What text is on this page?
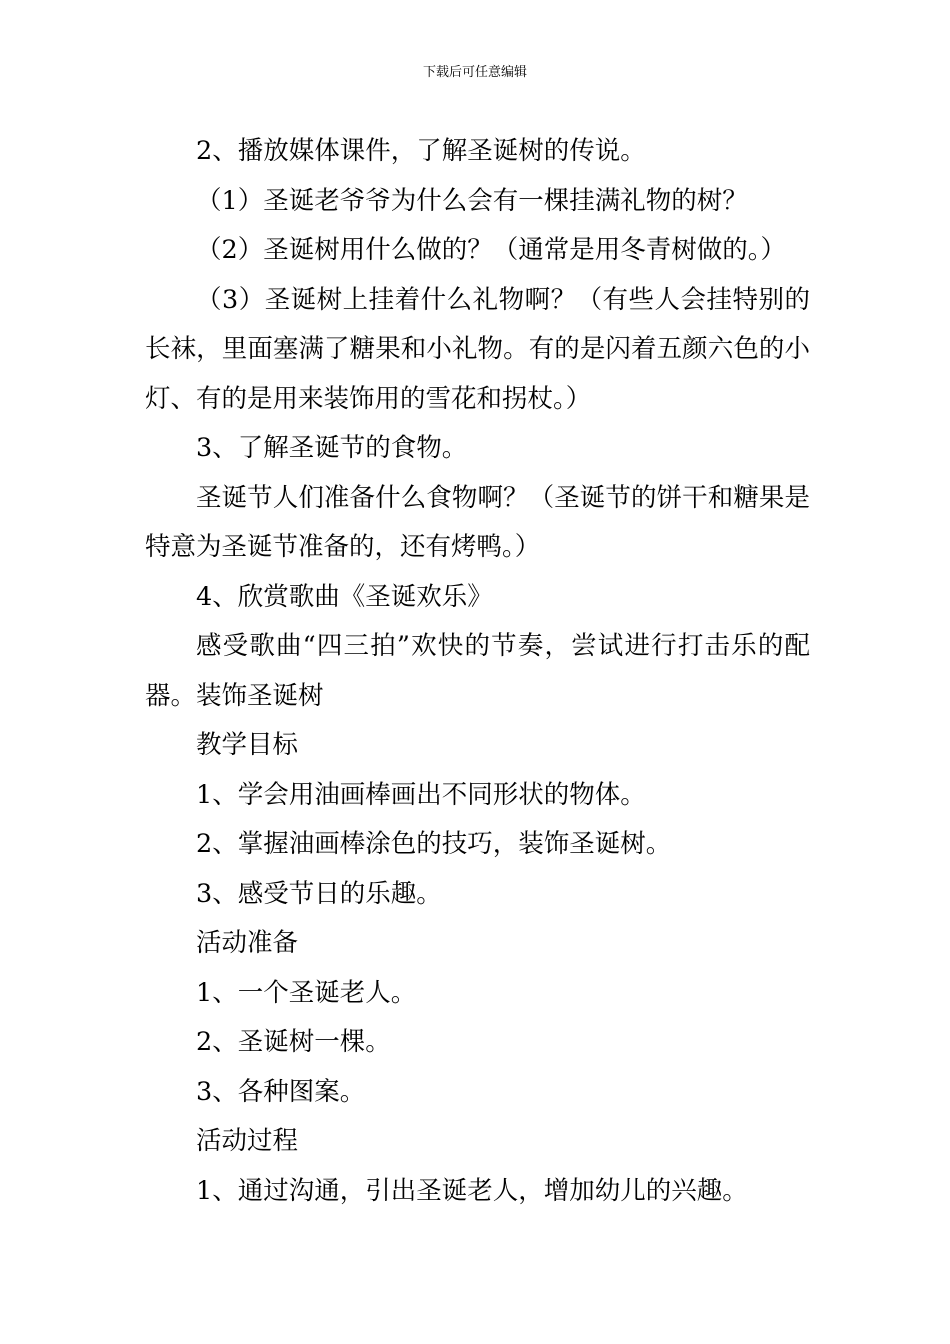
下载后可任意编辑

2、播放媒体课件，了解圣诞树的传说。

（1）圣诞老爷爷为什么会有一棵挂满礼物的树？

（2）圣诞树用什么做的？（通常是用冬青树做的。）

（3）圣诞树上挂着什么礼物啊？（有些人会挂特别的长袜，里面塞满了糖果和小礼物。有的是闪着五颜六色的小灯、有的是用来装饰用的雪花和拐杖。）

3、了解圣诞节的食物。

圣诞节人们准备什么食物啊？（圣诞节的饼干和糖果是特意为圣诞节准备的，还有烤鸭。）

4、欣赏歌曲《圣诞欢乐》

感受歌曲“四三拍”欢快的节奏，尝试进行打击乐的配器。装饰圣诞树

教学目标

1、学会用油画棒画出不同形状的物体。

2、掌握油画棒涂色的技巧，装饰圣诞树。

3、感受节日的乐趣。

活动准备

1、一个圣诞老人。

2、圣诞树一棵。

3、各种图案。

活动过程

1、通过沟通，引出圣诞老人，增加幼儿的兴趣。
